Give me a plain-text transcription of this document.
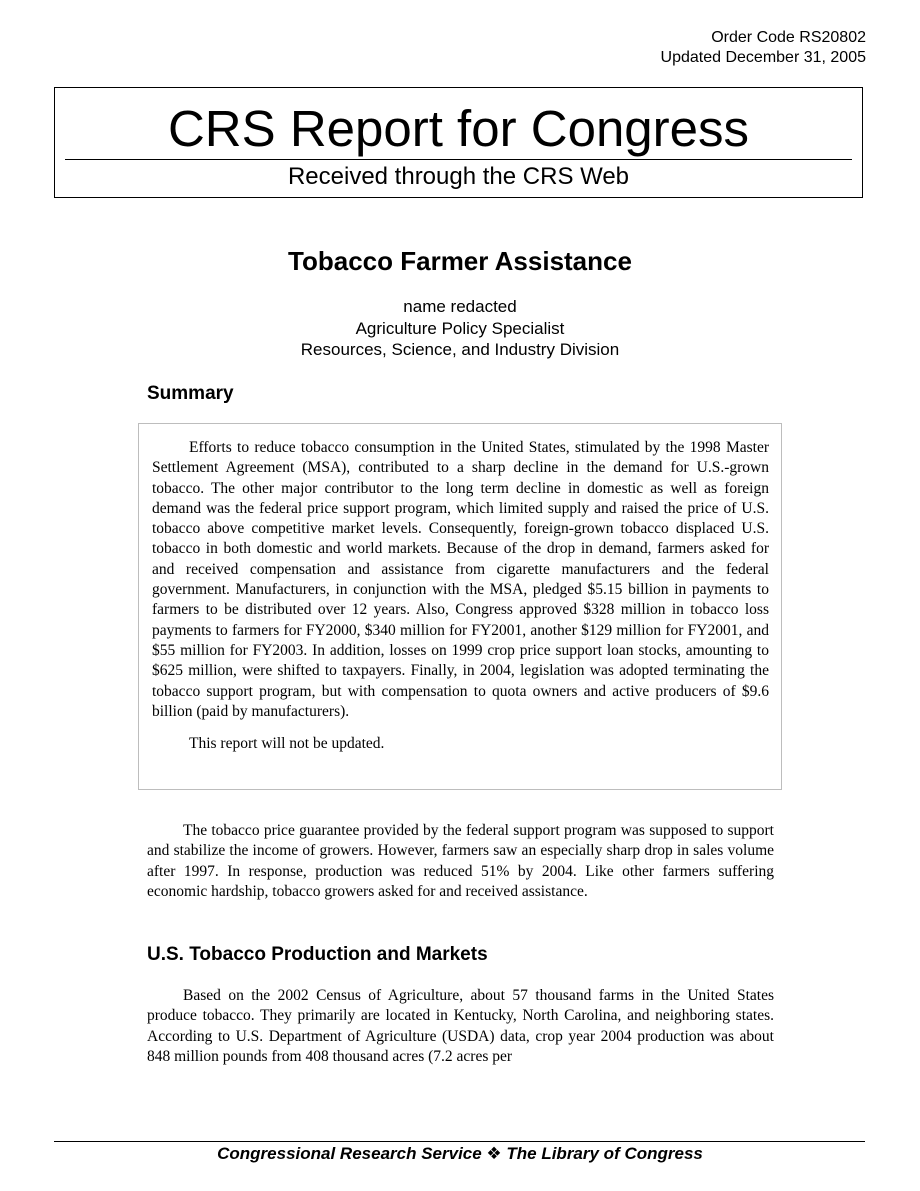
Order Code RS20802
Updated December 31, 2005
CRS Report for Congress
Received through the CRS Web
Tobacco Farmer Assistance
name redacted
Agriculture Policy Specialist
Resources, Science, and Industry Division
Summary

Efforts to reduce tobacco consumption in the United States, stimulated by the 1998 Master Settlement Agreement (MSA), contributed to a sharp decline in the demand for U.S.-grown tobacco. The other major contributor to the long term decline in domestic as well as foreign demand was the federal price support program, which limited supply and raised the price of U.S. tobacco above competitive market levels. Consequently, foreign-grown tobacco displaced U.S. tobacco in both domestic and world markets. Because of the drop in demand, farmers asked for and received compensation and assistance from cigarette manufacturers and the federal government. Manufacturers, in conjunction with the MSA, pledged $5.15 billion in payments to farmers to be distributed over 12 years. Also, Congress approved $328 million in tobacco loss payments to farmers for FY2000, $340 million for FY2001, another $129 million for FY2001, and $55 million for FY2003. In addition, losses on 1999 crop price support loan stocks, amounting to $625 million, were shifted to taxpayers. Finally, in 2004, legislation was adopted terminating the tobacco support program, but with compensation to quota owners and active producers of $9.6 billion (paid by manufacturers).

This report will not be updated.

The tobacco price guarantee provided by the federal support program was supposed to support and stabilize the income of growers. However, farmers saw an especially sharp drop in sales volume after 1997. In response, production was reduced 51% by 2004. Like other farmers suffering economic hardship, tobacco growers asked for and received assistance.

U.S. Tobacco Production and Markets

Based on the 2002 Census of Agriculture, about 57 thousand farms in the United States produce tobacco. They primarily are located in Kentucky, North Carolina, and neighboring states. According to U.S. Department of Agriculture (USDA) data, crop year 2004 production was about 848 million pounds from 408 thousand acres (7.2 acres per

Congressional Research Service ❖ The Library of Congress
